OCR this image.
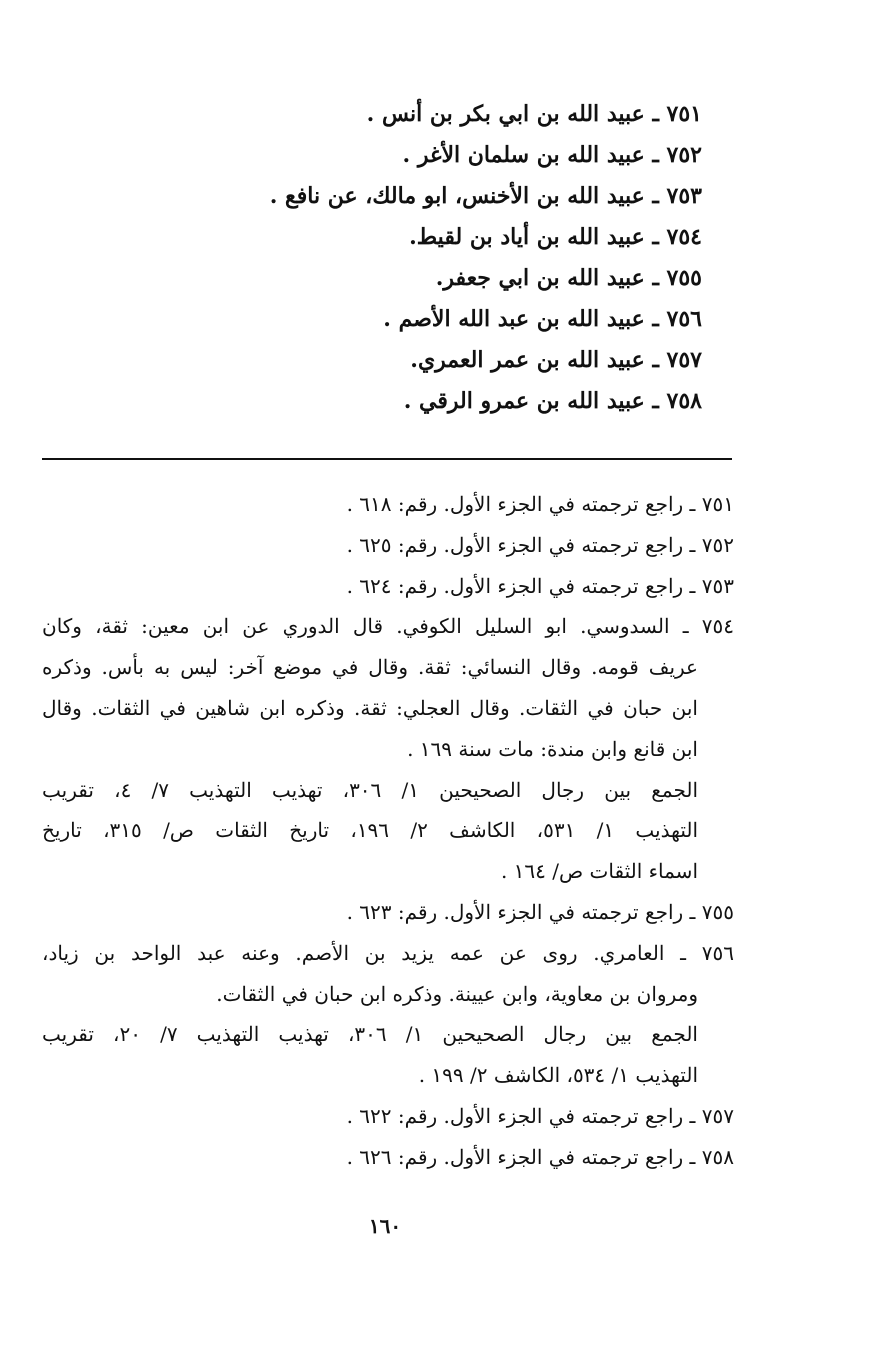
٧٥١ ـ عبيد الله بن ابي بكر بن أنس .
٧٥٢ ـ عبيد الله بن سلمان الأغر .
٧٥٣ ـ عبيد الله بن الأخنس، ابو مالك، عن نافع .
٧٥٤ ـ عبيد الله بن أياد بن لقيط.
٧٥٥ ـ عبيد الله بن ابي جعفر.
٧٥٦ ـ عبيد الله بن عبد الله الأصم .
٧٥٧ ـ عبيد الله بن عمر العمري.
٧٥٨ ـ عبيد الله بن عمرو الرقي .
٧٥١ ـ راجع ترجمته في الجزء الأول. رقم: ٦١٨ .
٧٥٢ ـ راجع ترجمته في الجزء الأول. رقم: ٦٢٥ .
٧٥٣ ـ راجع ترجمته في الجزء الأول. رقم: ٦٢٤ .
٧٥٤ ـ السدوسي. ابو السليل الكوفي. قال الدوري عن ابن معين: ثقة، وكان
عريف قومه. وقال النسائي: ثقة. وقال في موضع آخر: ليس به بأس. وذكره
ابن حبان في الثقات. وقال العجلي: ثقة. وذكره ابن شاهين في الثقات. وقال
ابن قانع وابن مندة: مات سنة ١٦٩ .
الجمع بين رجال الصحيحين ١/ ٣٠٦، تهذيب التهذيب ٧/ ٤، تقريب
التهذيب ١/ ٥٣١، الكاشف ٢/ ١٩٦، تاريخ الثقات ص/ ٣١٥، تاريخ
اسماء الثقات ص/ ١٦٤ .
٧٥٥ ـ راجع ترجمته في الجزء الأول. رقم: ٦٢٣ .
٧٥٦ ـ العامري. روى عن عمه يزيد بن الأصم. وعنه عبد الواحد بن زياد،
ومروان بن معاوية، وابن عيينة. وذكره ابن حبان في الثقات.
الجمع بين رجال الصحيحين ١/ ٣٠٦، تهذيب التهذيب ٧/ ٢٠، تقريب
التهذيب ١/ ٥٣٤، الكاشف ٢/ ١٩٩ .
٧٥٧ ـ راجع ترجمته في الجزء الأول. رقم: ٦٢٢ .
٧٥٨ ـ راجع ترجمته في الجزء الأول. رقم: ٦٢٦ .
١٦٠
